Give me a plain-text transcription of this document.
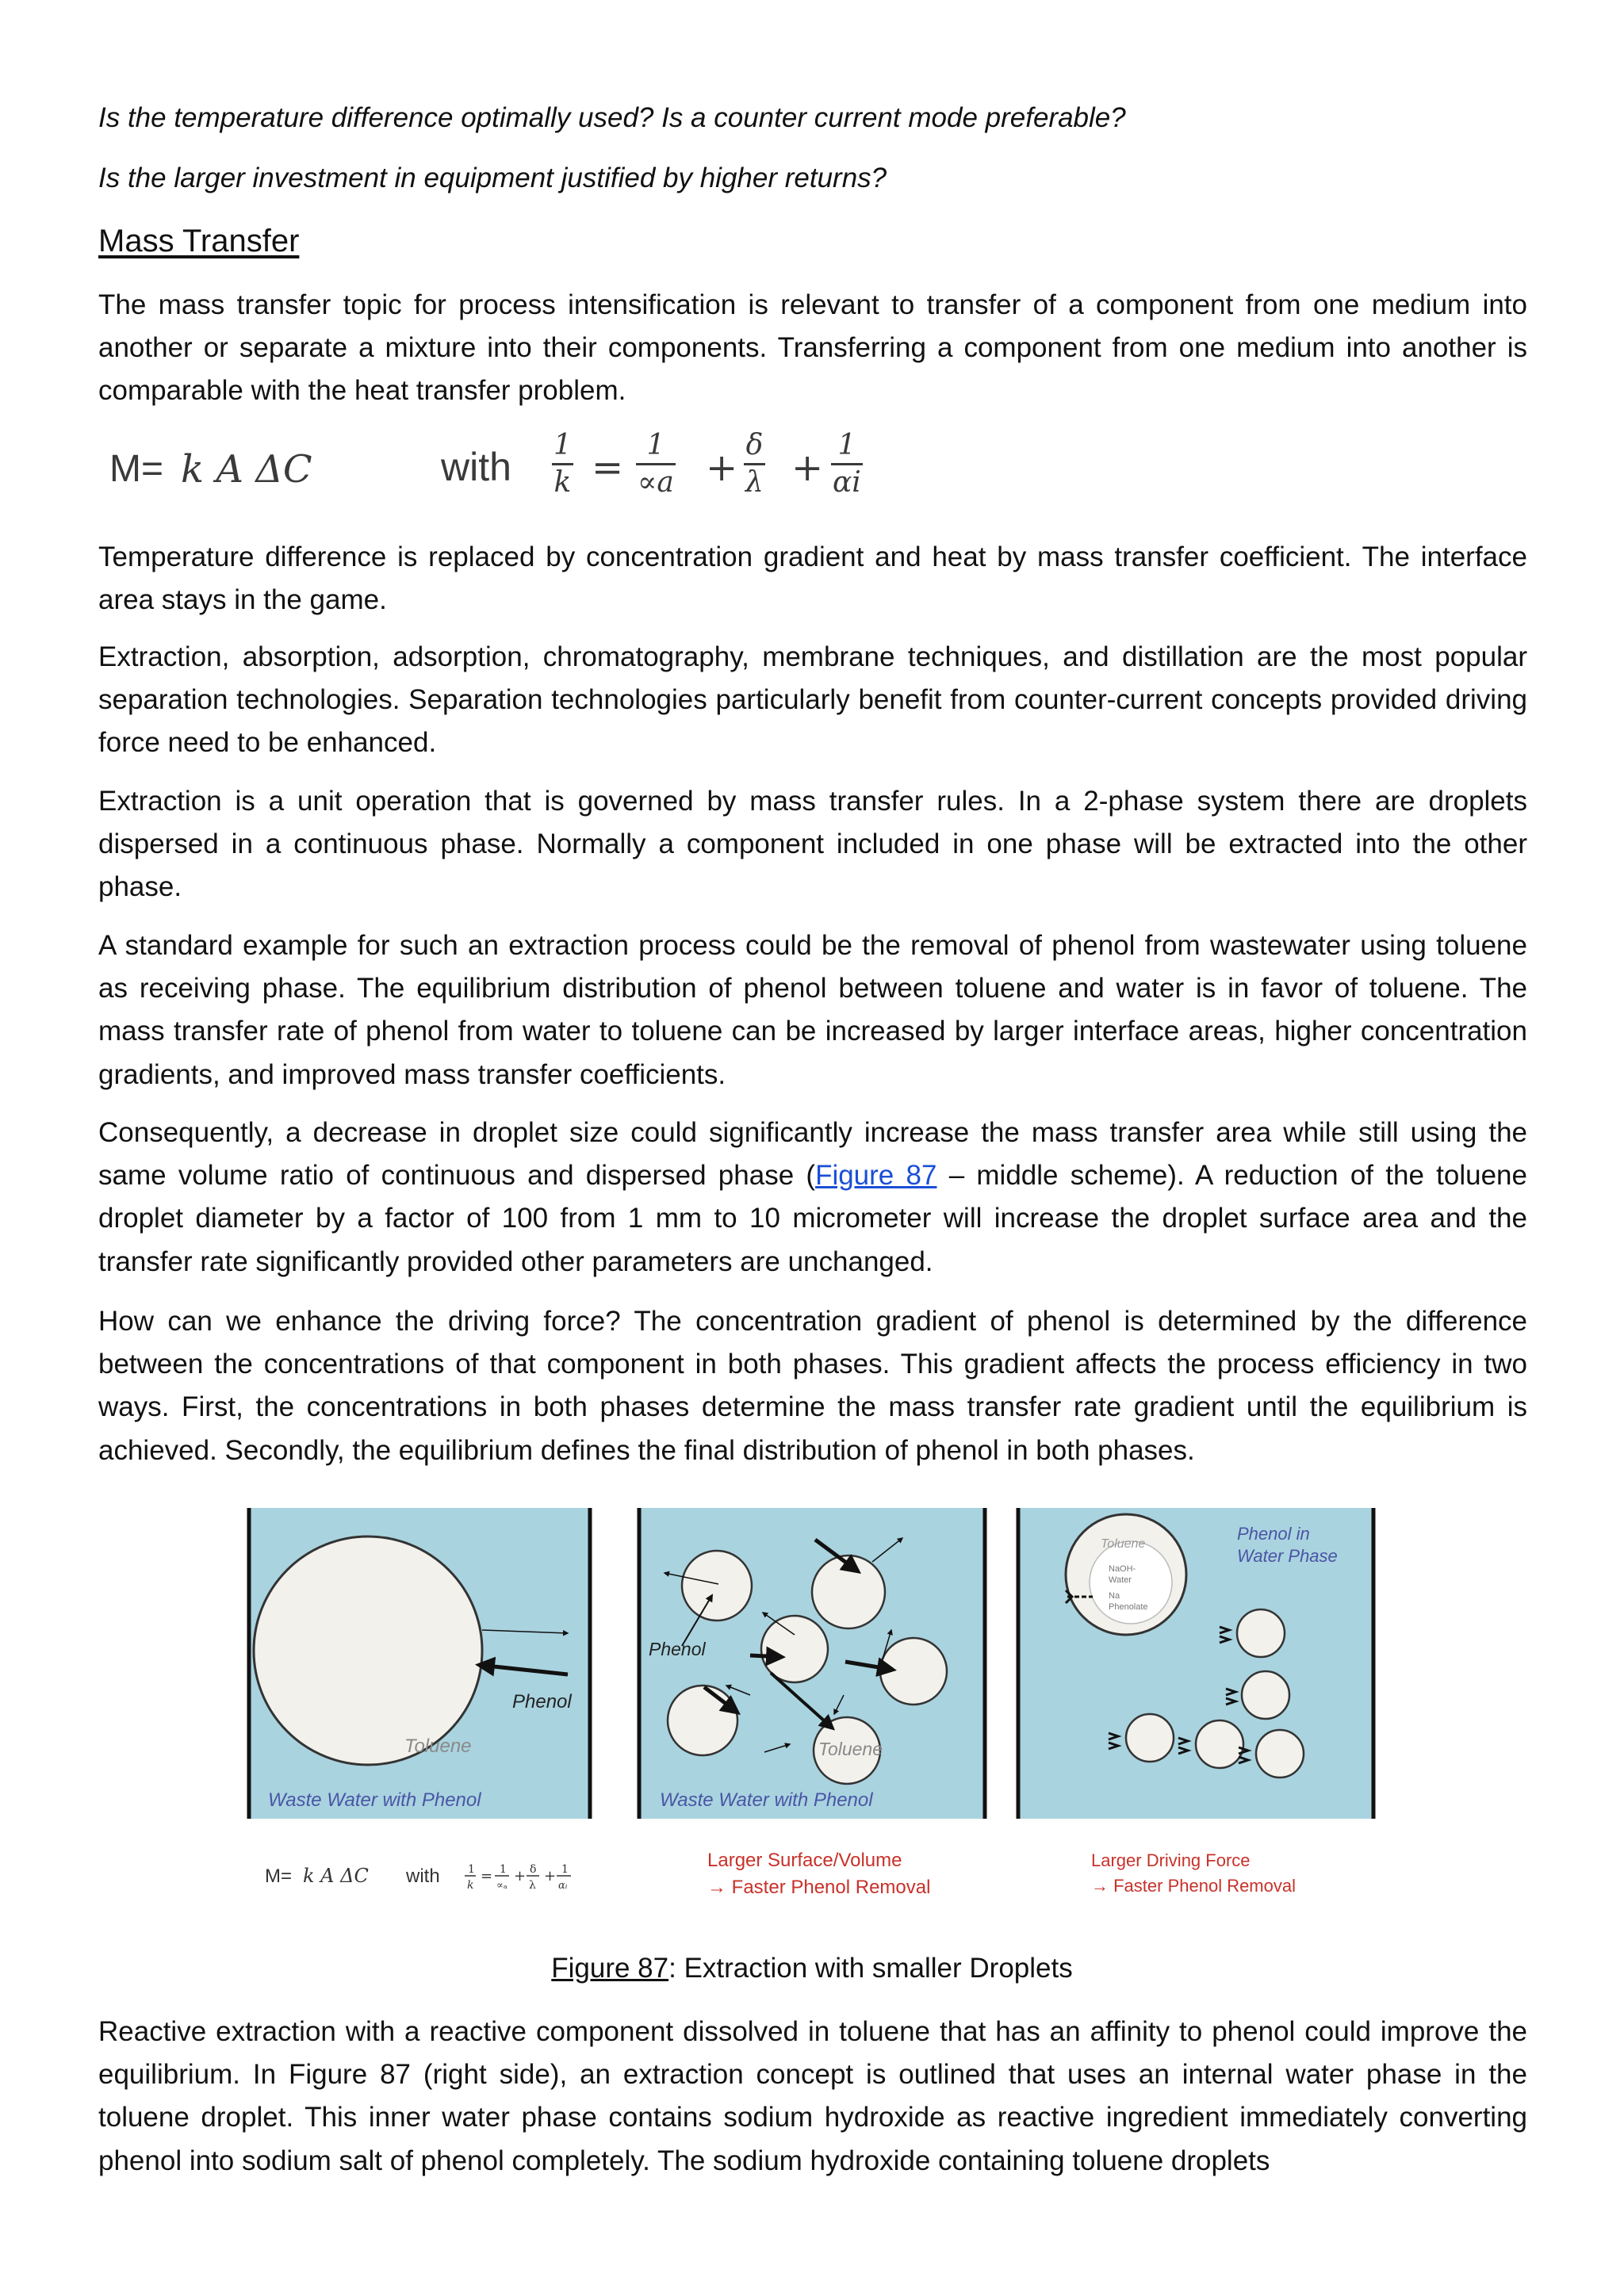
Is the temperature difference optimally used? Is a counter current mode preferable?
Is the larger investment in equipment justified by higher returns?
Mass Transfer

The mass transfer topic for process intensification is relevant to transfer of a component from one medium into another or separate a mixture into their components. Transferring a component from one medium into another is comparable with the heat transfer problem.

M= k A ΔC	with $\frac{1}{k} = \frac{1}{\propto a} + \frac{\delta}{\lambda} + \frac{1}{\alpha i}$

Temperature difference is replaced by concentration gradient and heat by mass transfer coefficient. The interface area stays in the game.

Extraction, absorption, adsorption, chromatography, membrane techniques, and distillation are the most popular separation technologies. Separation technologies particularly benefit from counter-current concepts provided driving force need to be enhanced.

Extraction is a unit operation that is governed by mass transfer rules. In a 2-phase system there are droplets dispersed in a continuous phase. Normally a component included in one phase will be extracted into the other phase.

A standard example for such an extraction process could be the removal of phenol from wastewater using toluene as receiving phase. The equilibrium distribution of phenol between toluene and water is in favor of toluene. The mass transfer rate of phenol from water to toluene can be increased by larger interface areas, higher concentration gradients, and improved mass transfer coefficients.

Consequently, a decrease in droplet size could significantly increase the mass transfer area while still using the same volume ratio of continuous and dispersed phase (Figure 87 – middle scheme). A reduction of the toluene droplet diameter by a factor of 100 from 1 mm to 10 micrometer will increase the droplet surface area and the transfer rate significantly provided other parameters are unchanged.

How can we enhance the driving force? The concentration gradient of phenol is determined by the difference between the concentrations of that component in both phases. This gradient affects the process efficiency in two ways. First, the concentrations in both phases determine the mass transfer rate gradient until the equilibrium is achieved. Secondly, the equilibrium defines the final distribution of phenol in both phases.

Reactive extraction with a reactive component dissolved in toluene that has an affinity to phenol could improve the equilibrium. In Figure 87 (right side), an extraction concept is outlined that uses an internal water phase in the toluene droplet. This inner water phase contains sodium hydroxide as reactive ingredient immediately converting phenol into sodium salt of phenol completely. The sodium hydroxide containing toluene droplets

Toluene
Phenol
Waste Water with Phenol
Phenol
Toluene
Waste Water with Phenol
Toluene
NaOH-
Water
Na
Phenolate
Phenol in
Water Phase
M= k A ΔC with	1
k
= 1
∝ₐ
+ δ
λ
+ 1
αᵢ
Larger Surface/Volume
→ Faster Phenol Removal
Larger Driving Force
→ Faster Phenol Removal
Figure 87: Extraction with smaller Droplets
